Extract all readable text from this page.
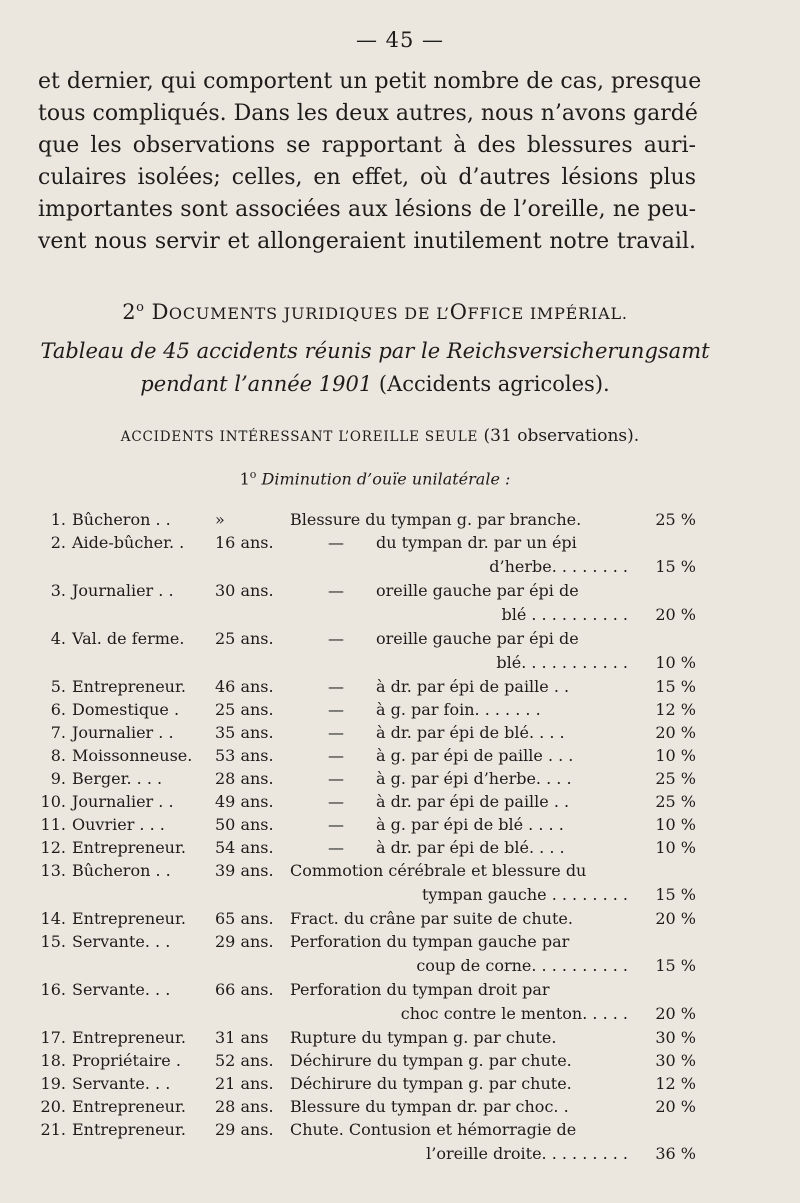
— 45 —
et dernier, qui comportent un petit nombre de cas, presque
tous compliqués. Dans les deux autres, nous n’avons gardé
que les observations se rapportant à des blessures auri-
culaires isolées; celles, en effet, où d’autres lésions plus
importantes sont associées aux lésions de l’oreille, ne peu-
vent nous servir et allongeraient inutilement notre travail.
2$^o$ DOCUMENTS JURIDIQUES DE L’OFFICE IMPÉRIAL.
Tableau de 45 accidents réunis par le Reichsversicherungsamt
pendant l’année 1901 (Accidents agricoles).
ACCIDENTS INTÉRESSANT L’OREILLE SEULE (31 observations).
1$^o$ Diminution d’ouïe unilatérale :
1. Bûcheron . .	»	Blessure du tympan g. par branche.	25 %
2. Aide-bûcher. .	16 ans.	—	du tympan dr. par un épi
d’herbe. . . . . . . .	15 %
3. Journalier . .	30 ans.	—	oreille gauche par épi de
blé . . . . . . . . . .	20 %
4. Val. de ferme.	25 ans.	—	oreille gauche par épi de
blé. . . . . . . . . . .	10 %
5. Entrepreneur.	46 ans.	—	à dr. par épi de paille . .	15 %
6. Domestique .	25 ans.	—	à g. par foin. . . . . . .	12 %
7. Journalier . .	35 ans.	—	à dr. par épi de blé. . . .	20 %
8. Moissonneuse.	53 ans.	—	à g. par épi de paille . . .	10 %
9. Berger. . . .	28 ans.	—	à g. par épi d’herbe. . . .	25 %
10. Journalier . .	49 ans.	—	à dr. par épi de paille . .	25 %
11. Ouvrier . . .	50 ans.	—	à g. par épi de blé . . . .	10 %
12. Entrepreneur.	54 ans.	—	à dr. par épi de blé. . . .	10 %
13. Bûcheron . .	39 ans.	Commotion cérébrale et blessure du
tympan gauche . . . . . . . .	15 %
14. Entrepreneur.	65 ans.	Fract. du crâne par suite de chute.	20 %
15. Servante. . .	29 ans.	Perforation du tympan gauche par
coup de corne. . . . . . . . . .	15 %
16. Servante. . .	66 ans.	Perforation du tympan droit par
choc contre le menton. . . . .	20 %
17. Entrepreneur.	31 ans	Rupture du tympan g. par chute.	30 %
18. Propriétaire .	52 ans.	Déchirure du tympan g. par chute.	30 %
19. Servante. . .	21 ans.	Déchirure du tympan g. par chute.	12 %
20. Entrepreneur.	28 ans.	Blessure du tympan dr. par choc. .	20 %
21. Entrepreneur.	29 ans.	Chute. Contusion et hémorragie de
l’oreille droite. . . . . . . . .	36 %
